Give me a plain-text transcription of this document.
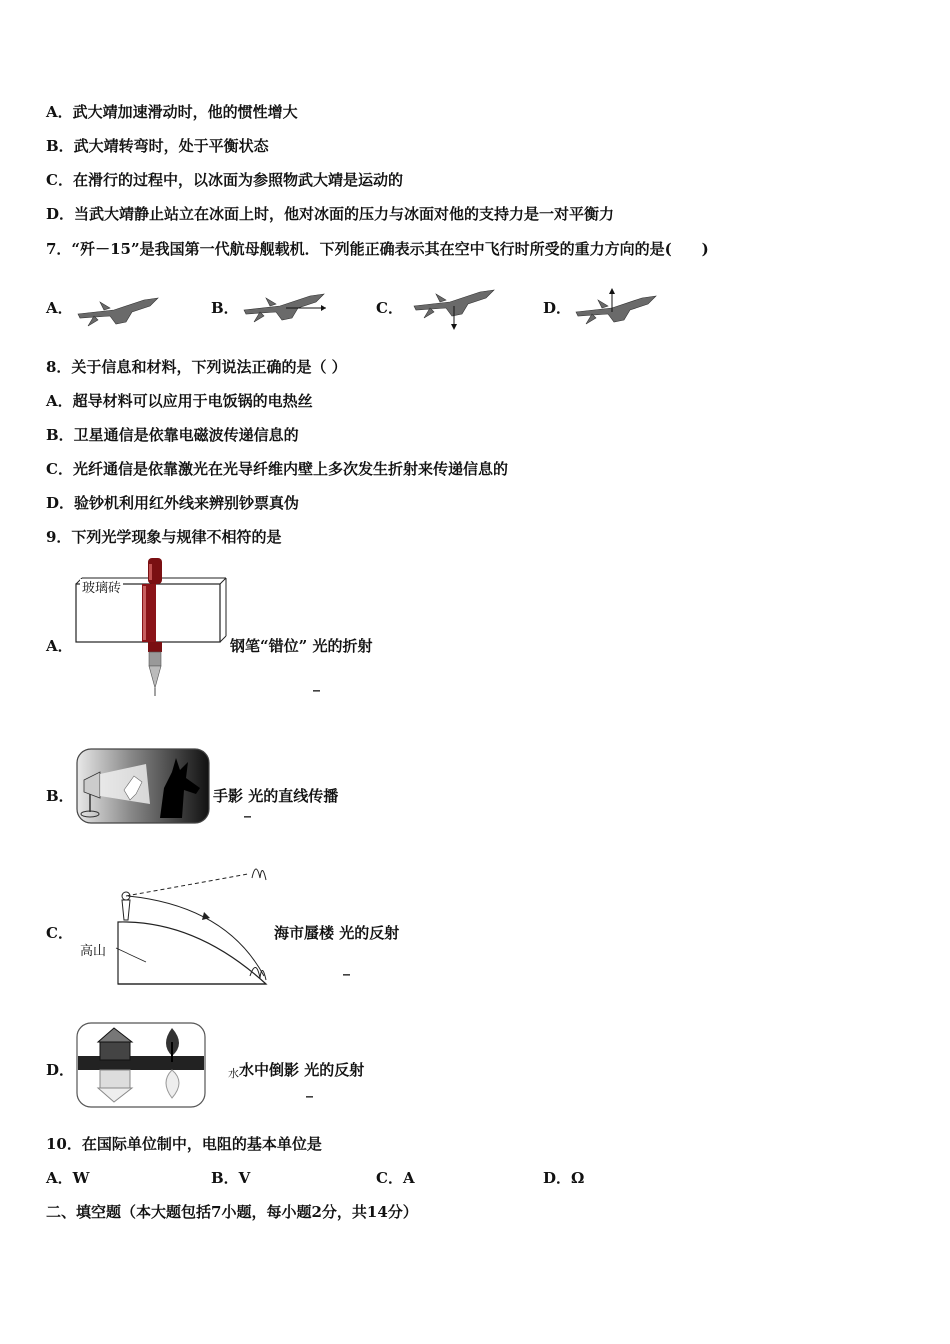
A．武大靖加速滑动时，他的惯性增大
B．武大靖转弯时，处于平衡状态
C．在滑行的过程中，以冰面为参照物武大靖是运动的
D．当武大靖静止站立在冰面上时，他对冰面的压力与冰面对他的支持力是一对平衡力
7．“歼－15”是我国第一代航母舰载机．下列能正确表示其在空中飞行时所受的重力方向的是(　　)
A．	B．	C．	D．
8．关于信息和材料，下列说法正确的是（ ）
A．超导材料可以应用于电饭锅的电热丝
B．卫星通信是依靠电磁波传递信息的
C．光纤通信是依靠激光在光导纤维内壁上多次发生折射来传递信息的
D．验钞机利用红外线来辨别钞票真伪
9．下列光学现象与规律不相符的是
A．
玻璃砖
钢笔“错位” 光的折射
_
B．	手影 光的直线传播
_
C．
高山
海市蜃楼 光的反射
_
D．	水 水中倒影 光的反射
_
10．在国际单位制中，电阻的基本单位是
A．W	B．V	C．A	D．Ω
二、填空题（本大题包括7小题，每小题2分，共14分）
